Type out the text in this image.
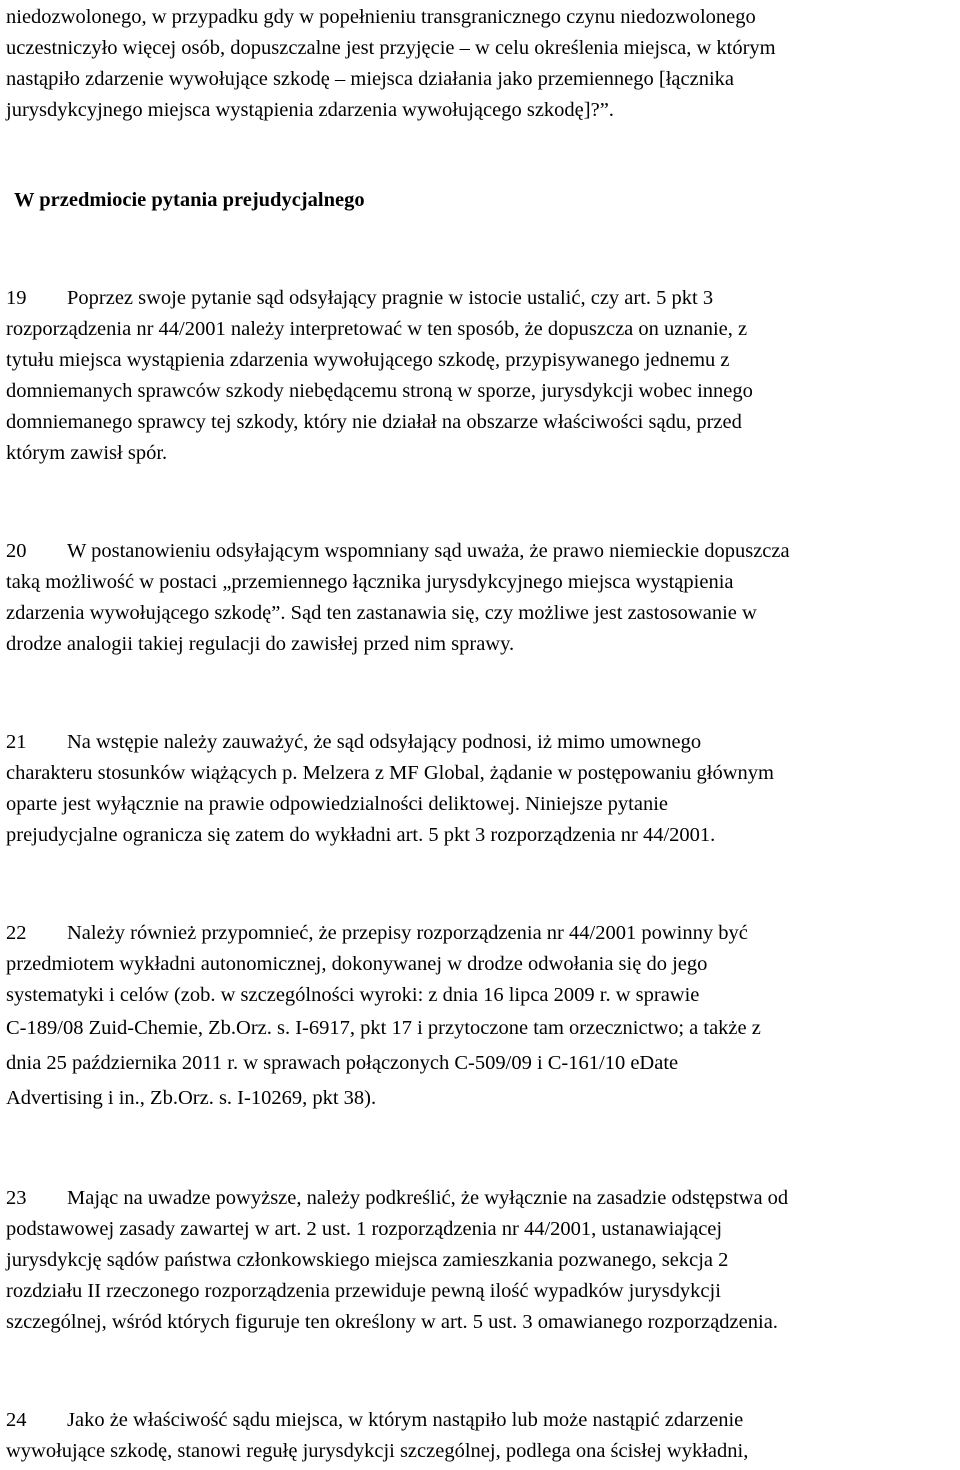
niedozwolonego, w przypadku gdy w popełnieniu transgranicznego czynu niedozwolonego
uczestniczyło więcej osób, dopuszczalne jest przyjęcie – w celu określenia miejsca, w którym
nastąpiło zdarzenie wywołujące szkodę – miejsca działania jako przemiennego [łącznika
jurysdykcyjnego miejsca wystąpienia zdarzenia wywołującego szkodę]?”.
W przedmiocie pytania prejudycjalnego
19 Poprzez swoje pytanie sąd odsyłający pragnie w istocie ustalić, czy art. 5 pkt 3
rozporządzenia nr 44/2001 należy interpretować w ten sposób, że dopuszcza on uznanie, z
tytułu miejsca wystąpienia zdarzenia wywołującego szkodę, przypisywanego jednemu z
domniemanych sprawców szkody niebędącemu stroną w sporze, jurysdykcji wobec innego
domniemanego sprawcy tej szkody, który nie działał na obszarze właściwości sądu, przed
którym zawisł spór.
20 W postanowieniu odsyłającym wspomniany sąd uważa, że prawo niemieckie dopuszcza
taką możliwość w postaci „przemiennego łącznika jurysdykcyjnego miejsca wystąpienia
zdarzenia wywołującego szkodę”. Sąd ten zastanawia się, czy możliwe jest zastosowanie w
drodze analogii takiej regulacji do zawisłej przed nim sprawy.
21 Na wstępie należy zauważyć, że sąd odsyłający podnosi, iż mimo umownego
charakteru stosunków wiążących p. Melzera z MF Global, żądanie w postępowaniu głównym
oparte jest wyłącznie na prawie odpowiedzialności deliktowej. Niniejsze pytanie
prejudycjalne ogranicza się zatem do wykładni art. 5 pkt 3 rozporządzenia nr 44/2001.
22 Należy również przypomnieć, że przepisy rozporządzenia nr 44/2001 powinny być
przedmiotem wykładni autonomicznej, dokonywanej w drodze odwołania się do jego
systematyki i celów (zob. w szczególności wyroki: z dnia 16 lipca 2009 r. w sprawie
C‑189/08 Zuid‑Chemie, Zb.Orz. s. I‑6917, pkt 17 i przytoczone tam orzecznictwo; a także z
dnia 25 października 2011 r. w sprawach połączonych C‑509/09 i C‑161/10 eDate
Advertising i in., Zb.Orz. s. I‑10269, pkt 38).
23 Mając na uwadze powyższe, należy podkreślić, że wyłącznie na zasadzie odstępstwa od
podstawowej zasady zawartej w art. 2 ust. 1 rozporządzenia nr 44/2001, ustanawiającej
jurysdykcję sądów państwa członkowskiego miejsca zamieszkania pozwanego, sekcja 2
rozdziału II rzeczonego rozporządzenia przewiduje pewną ilość wypadków jurysdykcji
szczególnej, wśród których figuruje ten określony w art. 5 ust. 3 omawianego rozporządzenia.
24 Jako że właściwość sądu miejsca, w którym nastąpiło lub może nastąpić zdarzenie
wywołujące szkodę, stanowi regułę jurysdykcji szczególnej, podlega ona ścisłej wykładni,
